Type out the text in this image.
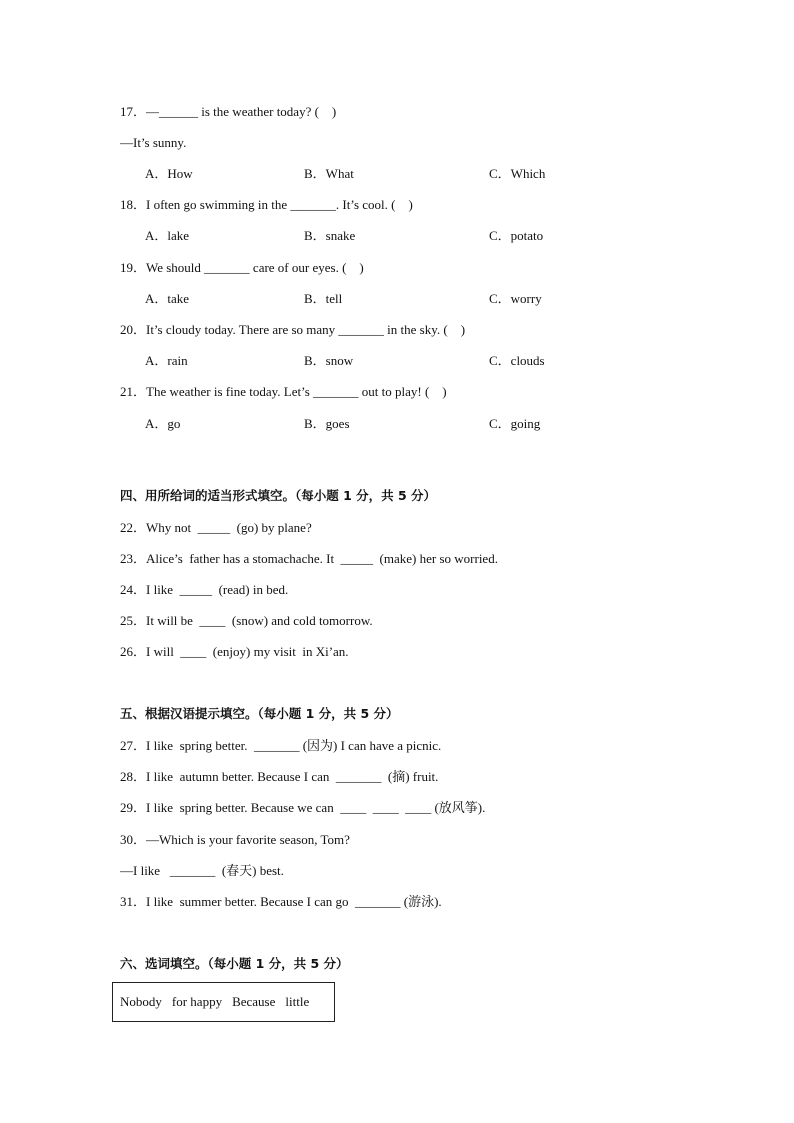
17．—______ is the weather today? (    )
—It’s sunny.
A．How	B．What	C．Which
18．I often go swimming in the _______. It’s cool. (    )
A．lake	B．snake	C．potato
19．We should _______ care of our eyes. (    )
A．take	B．tell	C．worry
20．It’s cloudy today. There are so many _______ in the sky. (    )
A．rain	B．snow	C．clouds
21．The weather is fine today. Let’s _______ out to play! (    )
A．go	B．goes	C．going
四、用所给词的适当形式填空。（每小题 1 分，共 5 分）
22．Why not  _____  (go) by plane?
23．Alice’s  father has a stomachache. It  _____  (make) her so worried.
24．I like  _____  (read) in bed.
25．It will be  ____  (snow) and cold tomorrow.
26．I will  ____  (enjoy) my visit  in Xi’an.
五、根据汉语提示填空。（每小题 1 分，共 5 分）
27．I like  spring better.  _______ (因为) I can have a picnic.
28．I like  autumn better. Because I can  _______  (摘) fruit.
29．I like  spring better. Because we can  ____  ____  ____ (放风筝).
30．—Which is your favorite season, Tom?
—I like   _______  (春天) best.
31．I like  summer better. Because I can go  _______ (游泳).
六、选词填空。（每小题 1 分，共 5 分）
Nobody for happy Because little
